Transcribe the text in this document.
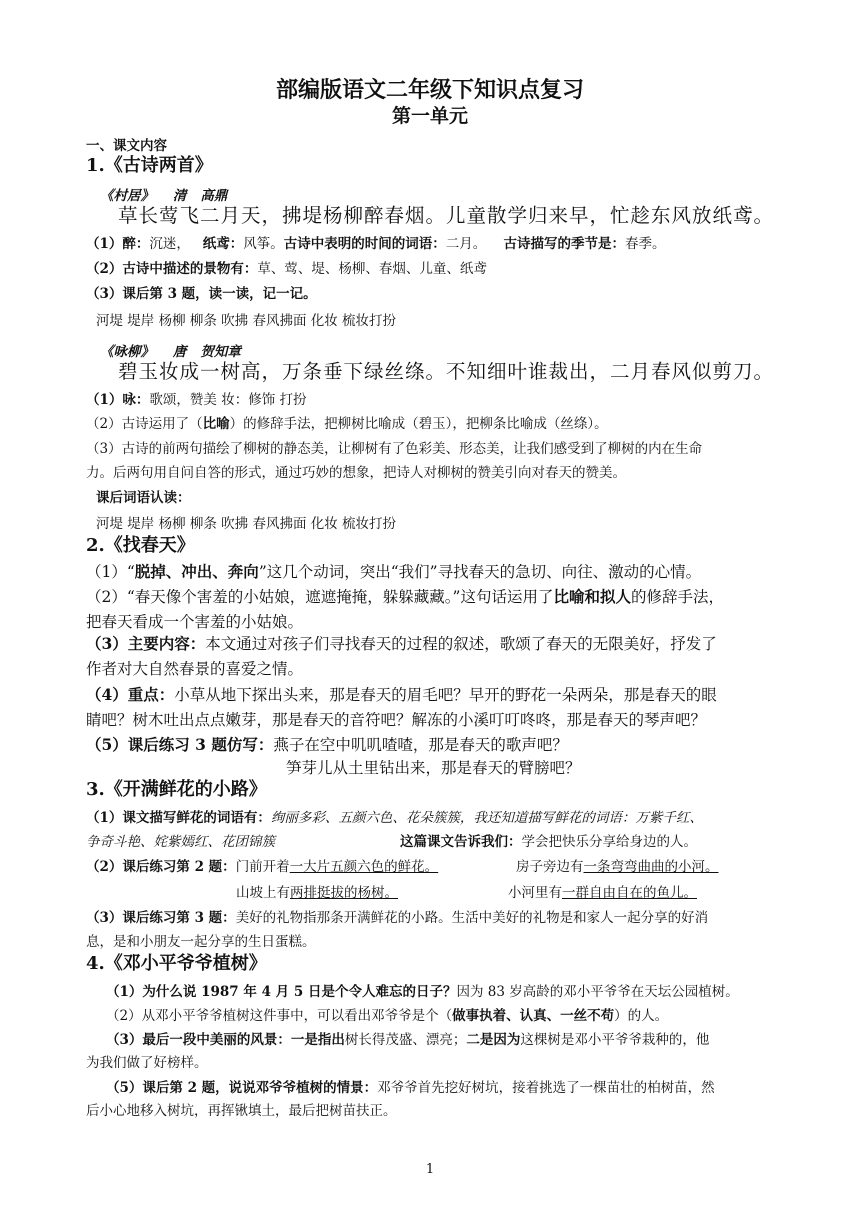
部编版语文二年级下知识点复习
第一单元
一、课文内容
1.《古诗两首》
《村居》 清 高鼎
草长莺飞二月天，拂堤杨柳醉春烟。儿童散学归来早，忙趁东风放纸鸢。
（1）醉：沉迷， 纸鸢：风筝。古诗中表明的时间的词语：二月。 古诗描写的季节是：春季。
（2）古诗中描述的景物有：草、莺、堤、杨柳、春烟、儿童、纸鸢
（3）课后第 3 题，读一读，记一记。
河堤 堤岸 杨柳 柳条 吹拂 春风拂面 化妆 梳妆打扮
《咏柳》 唐 贺知章
碧玉妆成一树高，万条垂下绿丝绦。不知细叶谁裁出，二月春风似剪刀。
（1）咏：歌颂，赞美 妆：修饰 打扮
（2）古诗运用了（比喻）的修辞手法，把柳树比喻成（碧玉），把柳条比喻成（丝绦）。
（3）古诗的前两句描绘了柳树的静态美，让柳树有了色彩美、形态美，让我们感受到了柳树的内在生命
力。后两句用自问自答的形式，通过巧妙的想象，把诗人对柳树的赞美引向对春天的赞美。
课后词语认读：
河堤 堤岸 杨柳 柳条 吹拂 春风拂面 化妆 梳妆打扮
2.《找春天》
（1）“脱掉、冲出、奔向”这几个动词，突出“我们”寻找春天的急切、向往、激动的心情。
（2）“春天像个害羞的小姑娘，遮遮掩掩，躲躲藏藏。”这句话运用了比喻和拟人的修辞手法，
把春天看成一个害羞的小姑娘。
（3）主要内容：本文通过对孩子们寻找春天的过程的叙述，歌颂了春天的无限美好，抒发了
作者对大自然春景的喜爱之情。
（4）重点：小草从地下探出头来，那是春天的眉毛吧？早开的野花一朵两朵，那是春天的眼
睛吧？树木吐出点点嫩芽，那是春天的音符吧？解冻的小溪叮叮咚咚，那是春天的琴声吧？
（5）课后练习 3 题仿写：燕子在空中叽叽喳喳，那是春天的歌声吧？
笋芽儿从土里钻出来，那是春天的臂膀吧？
3.《开满鲜花的小路》
（1）课文描写鲜花的词语有：绚丽多彩、五颜六色、花朵簇簇，我还知道描写鲜花的词语：万紫千红、
争奇斗艳、姹紫嫣红、花团锦簇	这篇课文告诉我们：学会把快乐分享给身边的人。
（2）课后练习第 2 题：门前开着一大片五颜六色的鲜花。	房子旁边有一条弯弯曲曲的小河。
山坡上有两排挺拔的杨树。	小河里有一群自由自在的鱼儿。
（3）课后练习第 3 题：美好的礼物指那条开满鲜花的小路。生活中美好的礼物是和家人一起分享的好消
息，是和小朋友一起分享的生日蛋糕。
4.《邓小平爷爷植树》
（1）为什么说 1987 年 4 月 5 日是个令人难忘的日子？因为 83 岁高龄的邓小平爷爷在天坛公园植树。
（2）从邓小平爷爷植树这件事中，可以看出邓爷爷是个（做事执着、认真、一丝不苟）的人。
（3）最后一段中美丽的风景：一是指出树长得茂盛、漂亮；二是因为这棵树是邓小平爷爷栽种的，他
为我们做了好榜样。
（5）课后第 2 题，说说邓爷爷植树的情景：邓爷爷首先挖好树坑，接着挑选了一棵苗壮的柏树苗，然
后小心地移入树坑，再挥锹填土，最后把树苗扶正。
1
